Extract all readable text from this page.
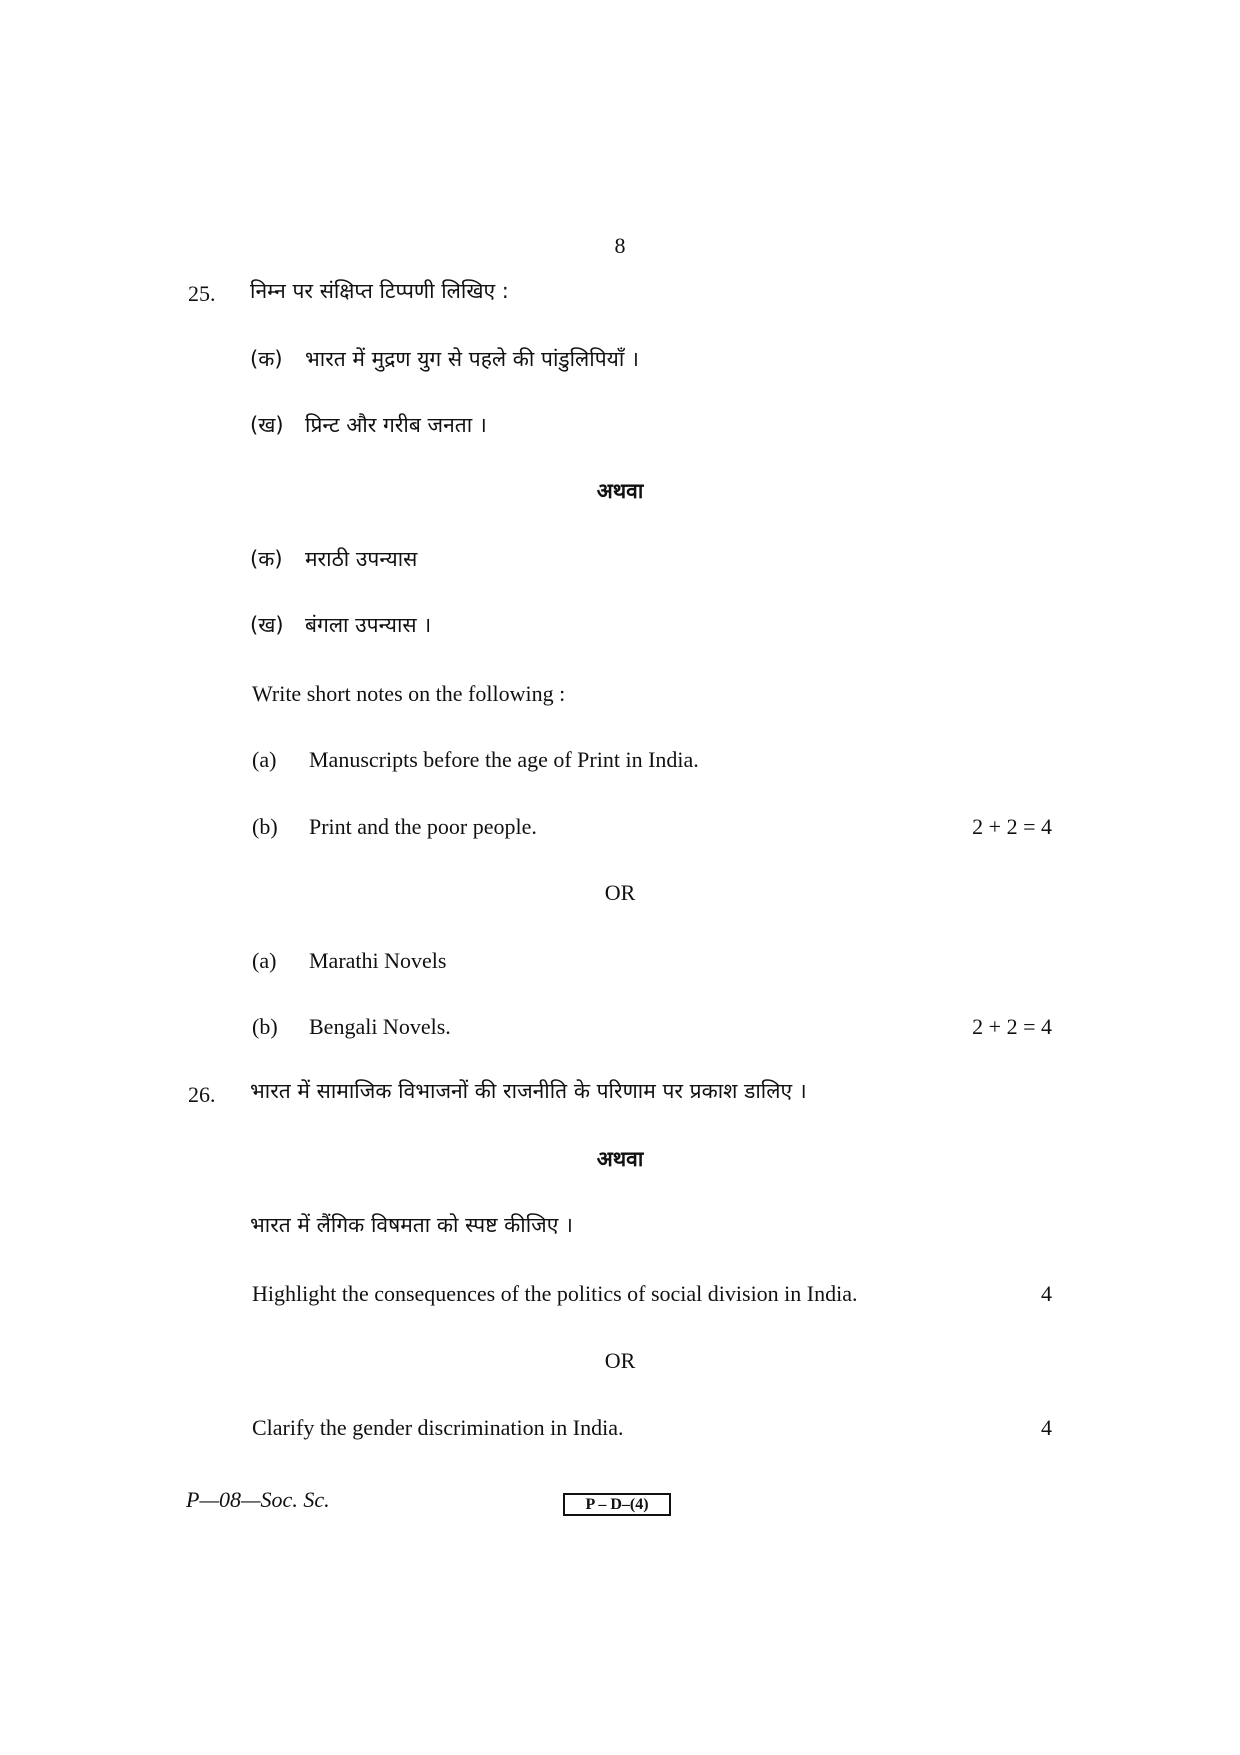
8
25. निम्न पर संक्षिप्त टिप्पणी लिखिए :
(क) भारत में मुद्रण युग से पहले की पांडुलिपियाँ ।
(ख) प्रिन्ट और गरीब जनता ।
अथवा
(क) मराठी उपन्यास
(ख) बंगला उपन्यास ।
Write short notes on the following :
(a) Manuscripts before the age of Print in India.
(b) Print and the poor people.	2 + 2 = 4
OR
(a) Marathi Novels
(b) Bengali Novels.	2 + 2 = 4
26. भारत में सामाजिक विभाजनों की राजनीति के परिणाम पर प्रकाश डालिए ।
अथवा
भारत में लैंगिक विषमता को स्पष्ट कीजिए ।
Highlight the consequences of the politics of social division in India.	4
OR
Clarify the gender discrimination in India.	4
P—08—Soc. Sc.	P – D–(4)
